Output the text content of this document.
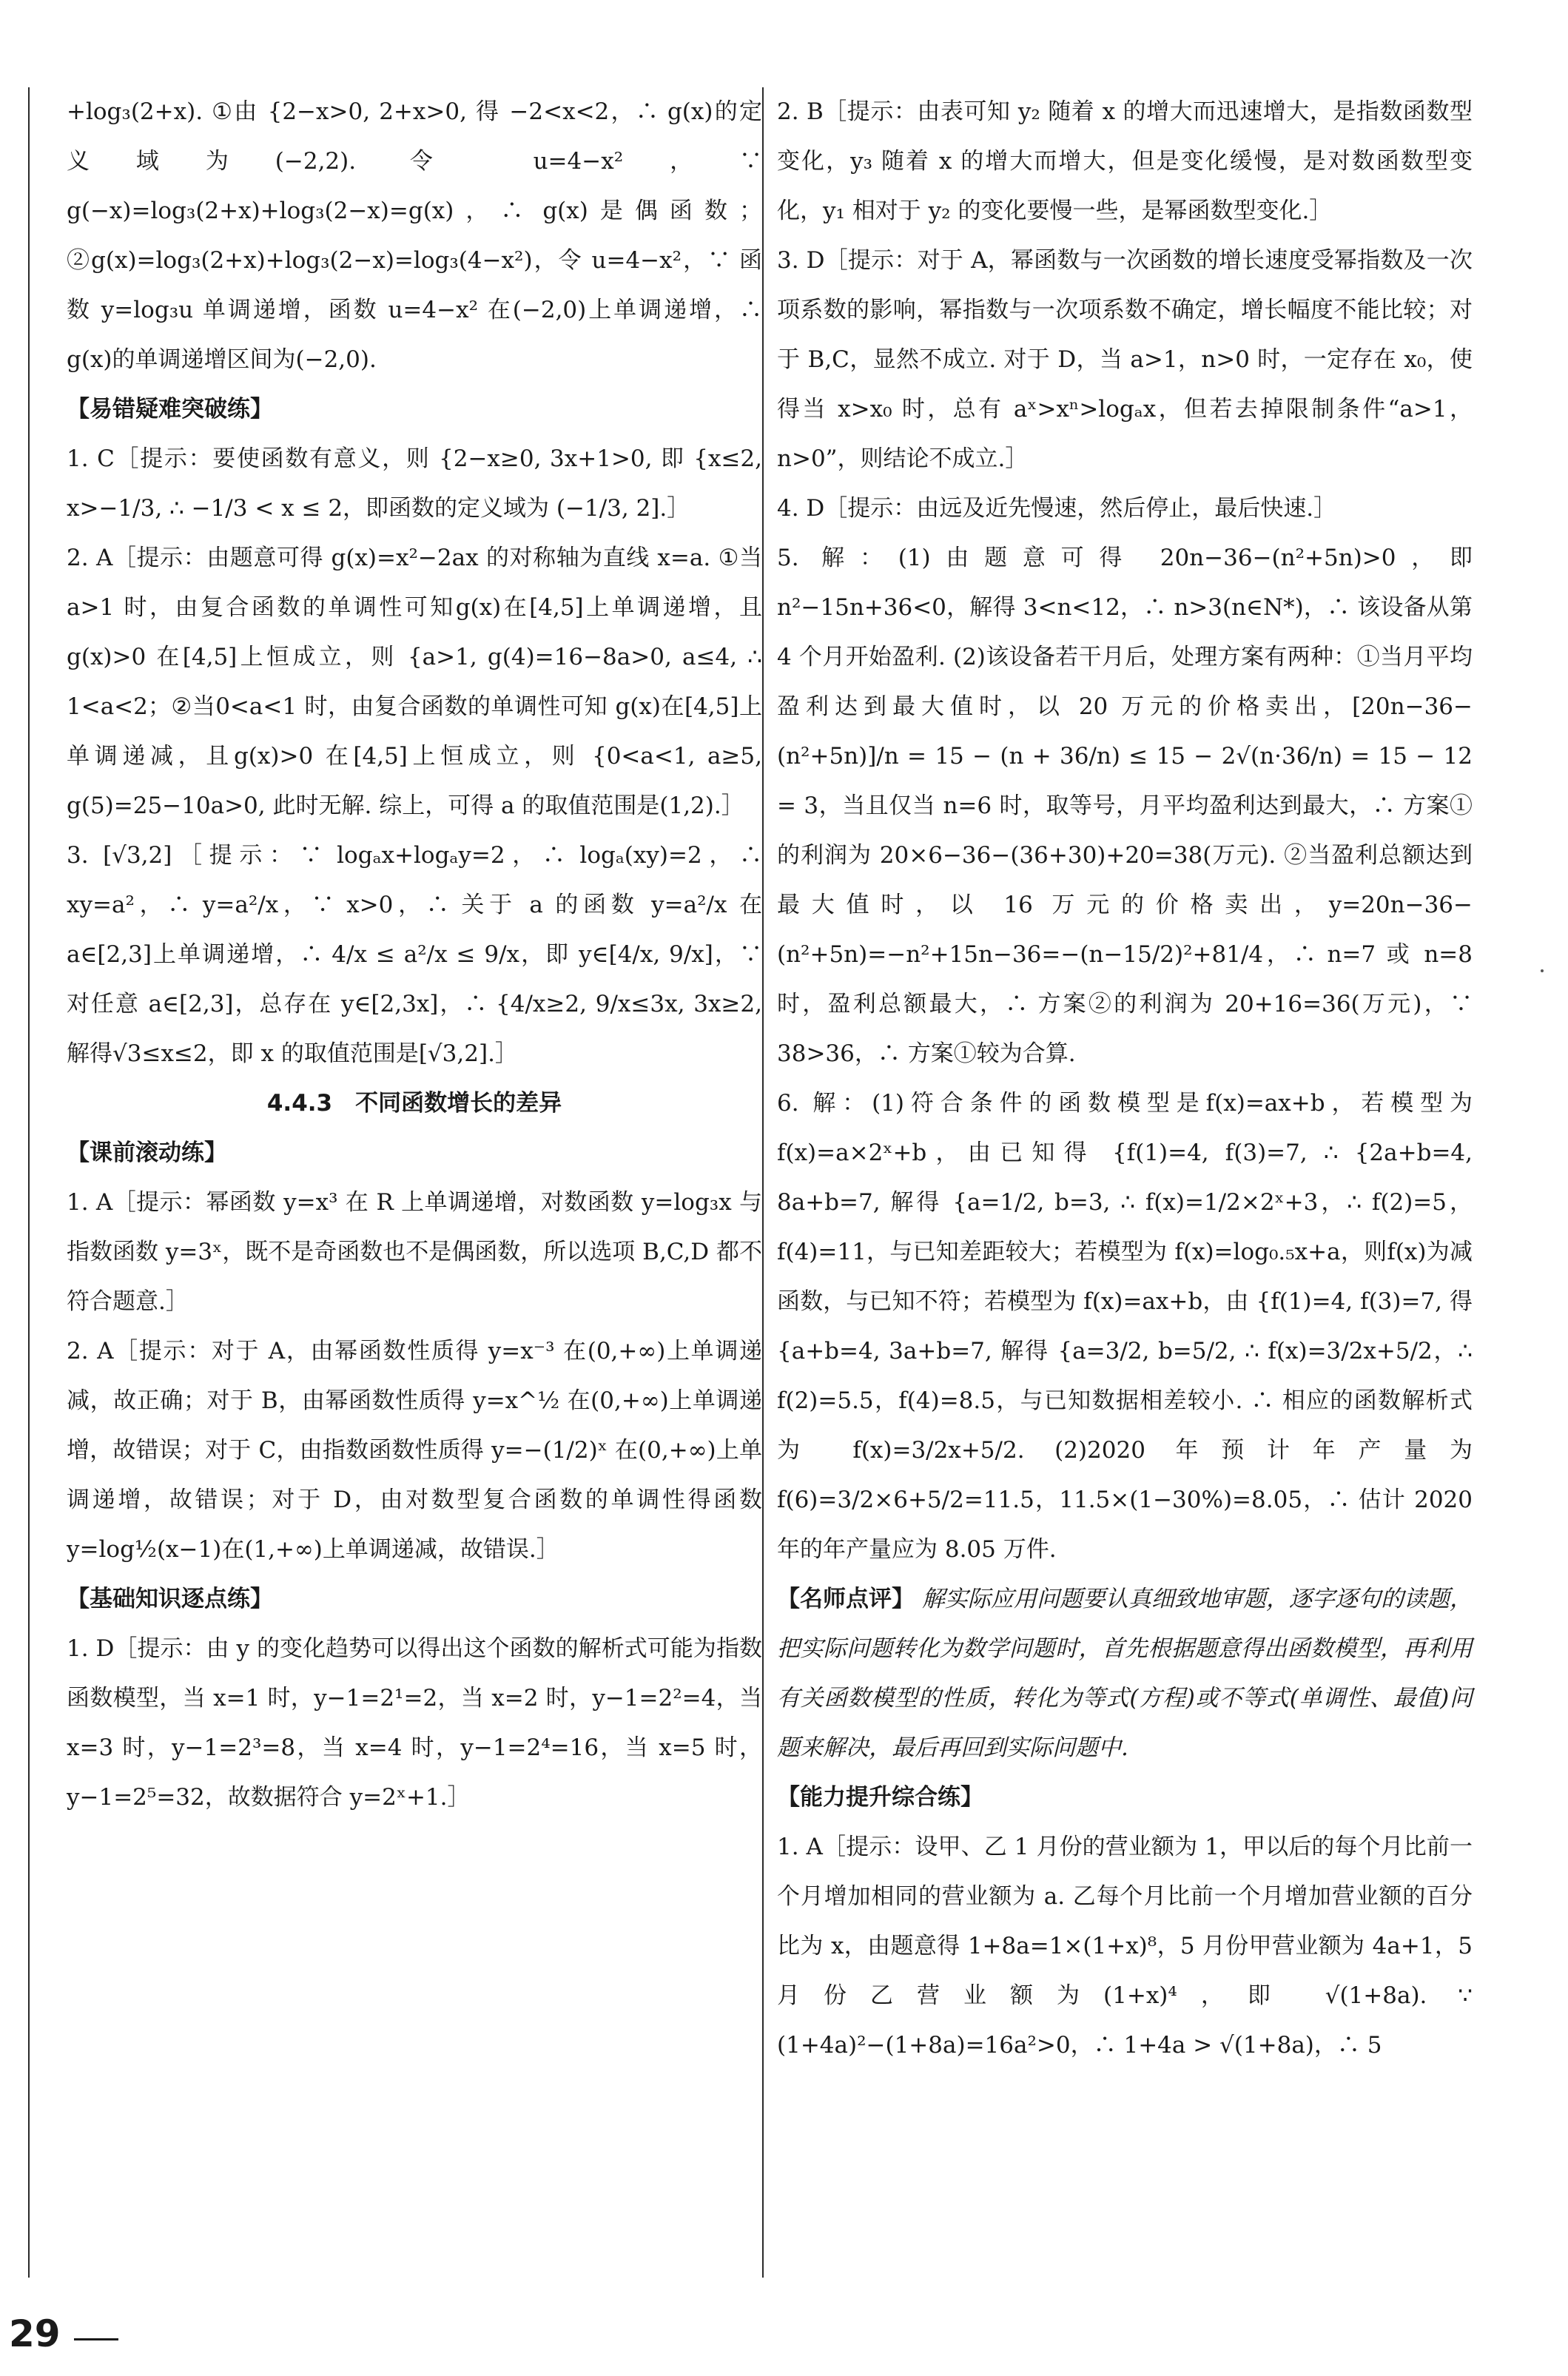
+log₃(2+x). ①由 {2−x>0, 2+x>0, 得 −2<x<2，∴ g(x)的定义域为(−2,2). 令 u=4−x²，∵ g(−x)=log₃(2+x)+log₃(2−x)=g(x)，∴ g(x)是偶函数；②g(x)=log₃(2+x)+log₃(2−x)=log₃(4−x²)，令 u=4−x²，∵ 函数 y=log₃u 单调递增，函数 u=4−x² 在(−2,0)上单调递增，∴ g(x)的单调递增区间为(−2,0).

【易错疑难突破练】

1. C［提示：要使函数有意义，则 {2−x≥0, 3x+1>0, 即 {x≤2, x>−1/3, ∴ −1/3 < x ≤ 2，即函数的定义域为 (−1/3, 2].］

2. A［提示：由题意可得 g(x)=x²−2ax 的对称轴为直线 x=a. ①当 a>1 时，由复合函数的单调性可知g(x)在[4,5]上单调递增，且 g(x)>0 在[4,5]上恒成立，则 {a>1, g(4)=16−8a>0, a≤4, ∴ 1<a<2；②当0<a<1 时，由复合函数的单调性可知 g(x)在[4,5]上单调递减，且g(x)>0 在[4,5]上恒成立，则 {0<a<1, a≥5, g(5)=25−10a>0, 此时无解. 综上，可得 a 的取值范围是(1,2).］

3. [√3,2]［提示：∵ logₐx+logₐy=2，∴ logₐ(xy)=2，∴ xy=a²，∴ y=a²/x，∵ x>0，∴ 关于 a 的函数 y=a²/x 在 a∈[2,3]上单调递增，∴ 4/x ≤ a²/x ≤ 9/x，即 y∈[4/x, 9/x]，∵ 对任意 a∈[2,3]，总存在 y∈[2,3x]，∴ {4/x≥2, 9/x≤3x, 3x≥2, 解得√3≤x≤2，即 x 的取值范围是[√3,2].］

4.4.3　不同函数增长的差异

【课前滚动练】

1. A［提示：幂函数 y=x³ 在 R 上单调递增，对数函数 y=log₃x 与指数函数 y=3ˣ，既不是奇函数也不是偶函数，所以选项 B,C,D 都不符合题意.］

2. A［提示：对于 A，由幂函数性质得 y=x⁻³ 在(0,+∞)上单调递减，故正确；对于 B，由幂函数性质得 y=x^½ 在(0,+∞)上单调递增，故错误；对于 C，由指数函数性质得 y=−(1/2)ˣ 在(0,+∞)上单调递增，故错误；对于 D，由对数型复合函数的单调性得函数 y=log½(x−1)在(1,+∞)上单调递减，故错误.］

【基础知识逐点练】

1. D［提示：由 y 的变化趋势可以得出这个函数的解析式可能为指数函数模型，当 x=1 时，y−1=2¹=2，当 x=2 时，y−1=2²=4，当 x=3 时，y−1=2³=8，当 x=4 时，y−1=2⁴=16，当 x=5 时，y−1=2⁵=32，故数据符合 y=2ˣ+1.］

2. B［提示：由表可知 y₂ 随着 x 的增大而迅速增大，是指数函数型变化，y₃ 随着 x 的增大而增大，但是变化缓慢，是对数函数型变化，y₁ 相对于 y₂ 的变化要慢一些，是幂函数型变化.］

3. D［提示：对于 A，幂函数与一次函数的增长速度受幂指数及一次项系数的影响，幂指数与一次项系数不确定，增长幅度不能比较；对于 B,C，显然不成立. 对于 D，当 a>1，n>0 时，一定存在 x₀，使得当 x>x₀ 时，总有 aˣ>xⁿ>logₐx，但若去掉限制条件“a>1，n>0”，则结论不成立.］

4. D［提示：由远及近先慢速，然后停止，最后快速.］

5. 解：(1)由题意可得 20n−36−(n²+5n)>0，即 n²−15n+36<0，解得 3<n<12，∴ n>3(n∈N*)，∴ 该设备从第 4 个月开始盈利. (2)该设备若干月后，处理方案有两种：①当月平均盈利达到最大值时，以 20 万元的价格卖出，[20n−36−(n²+5n)]/n = 15 − (n + 36/n) ≤ 15 − 2√(n·36/n) = 15 − 12 = 3，当且仅当 n=6 时，取等号，月平均盈利达到最大，∴ 方案①的利润为 20×6−36−(36+30)+20=38(万元). ②当盈利总额达到最大值时，以 16 万元的价格卖出，y=20n−36−(n²+5n)=−n²+15n−36=−(n−15/2)²+81/4，∴ n=7 或 n=8 时，盈利总额最大，∴ 方案②的利润为 20+16=36(万元)，∵ 38>36，∴ 方案①较为合算.

6. 解：(1)符合条件的函数模型是f(x)=ax+b，若模型为f(x)=a×2ˣ+b，由已知得 {f(1)=4, f(3)=7, ∴ {2a+b=4, 8a+b=7, 解得 {a=1/2, b=3, ∴ f(x)=1/2×2ˣ+3，∴ f(2)=5，f(4)=11，与已知差距较大；若模型为 f(x)=log₀.₅x+a，则f(x)为减函数，与已知不符；若模型为 f(x)=ax+b，由 {f(1)=4, f(3)=7, 得 {a+b=4, 3a+b=7, 解得 {a=3/2, b=5/2, ∴ f(x)=3/2x+5/2，∴ f(2)=5.5，f(4)=8.5，与已知数据相差较小. ∴ 相应的函数解析式为 f(x)=3/2x+5/2. (2)2020 年预计年产量为f(6)=3/2×6+5/2=11.5，11.5×(1−30%)=8.05，∴ 估计 2020 年的年产量应为 8.05 万件.

【名师点评】 解实际应用问题要认真细致地审题，逐字逐句的读题，把实际问题转化为数学问题时，首先根据题意得出函数模型，再利用有关函数模型的性质，转化为等式(方程)或不等式(单调性、最值)问题来解决，最后再回到实际问题中.

【能力提升综合练】

1. A［提示：设甲、乙 1 月份的营业额为 1，甲以后的每个月比前一个月增加相同的营业额为 a. 乙每个月比前一个月增加营业额的百分比为 x，由题意得 1+8a=1×(1+x)⁸，5 月份甲营业额为 4a+1，5 月份乙营业额为(1+x)⁴，即 √(1+8a). ∵ (1+4a)²−(1+8a)=16a²>0，∴ 1+4a > √(1+8a)，∴ 5

29
